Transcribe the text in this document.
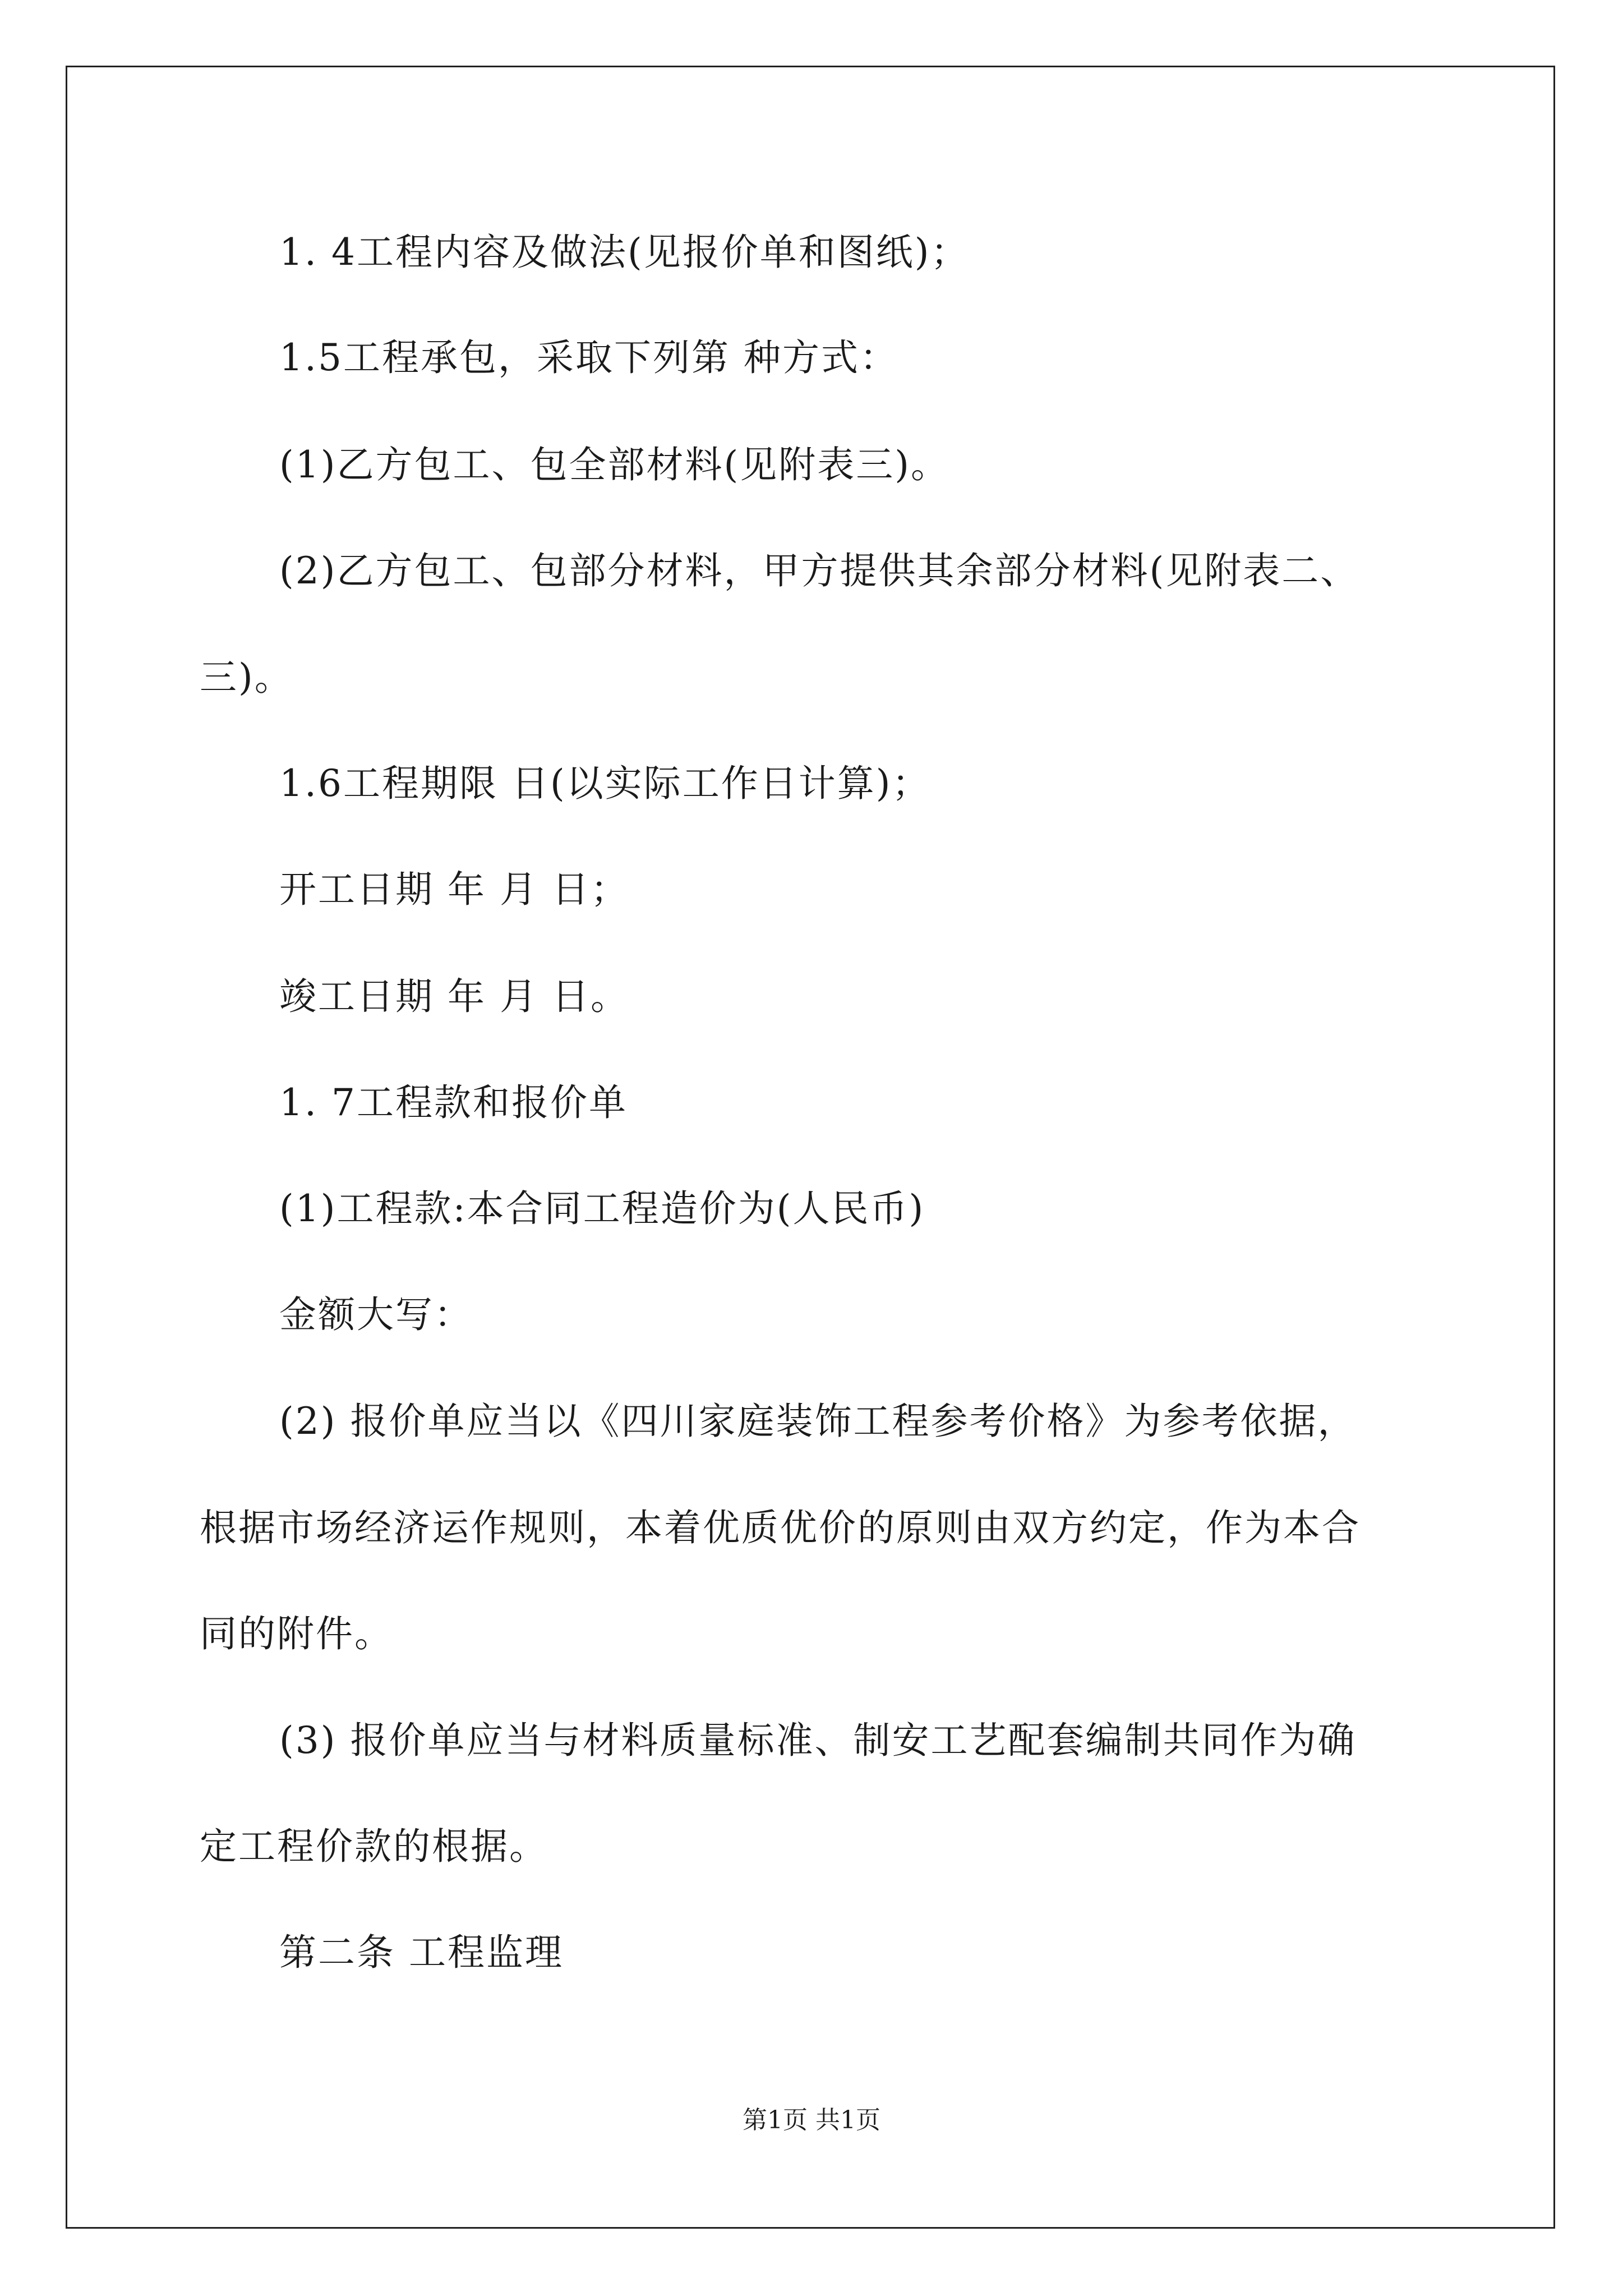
1. 4工程内容及做法(见报价单和图纸)；

1.5工程承包，采取下列第 种方式：

(1)乙方包工、包全部材料(见附表三)。

(2)乙方包工、包部分材料，甲方提供其余部分材料(见附表二、

三)。

1.6工程期限 日(以实际工作日计算)；

开工日期 年 月 日；

竣工日期 年 月 日。

1. 7工程款和报价单

(1)工程款:本合同工程造价为(人民币)

金额大写：

(2) 报价单应当以《四川家庭装饰工程参考价格》为参考依据，

根据市场经济运作规则，本着优质优价的原则由双方约定，作为本合

同的附件。

(3) 报价单应当与材料质量标准、制安工艺配套编制共同作为确

定工程价款的根据。

第二条 工程监理

第1页 共1页
